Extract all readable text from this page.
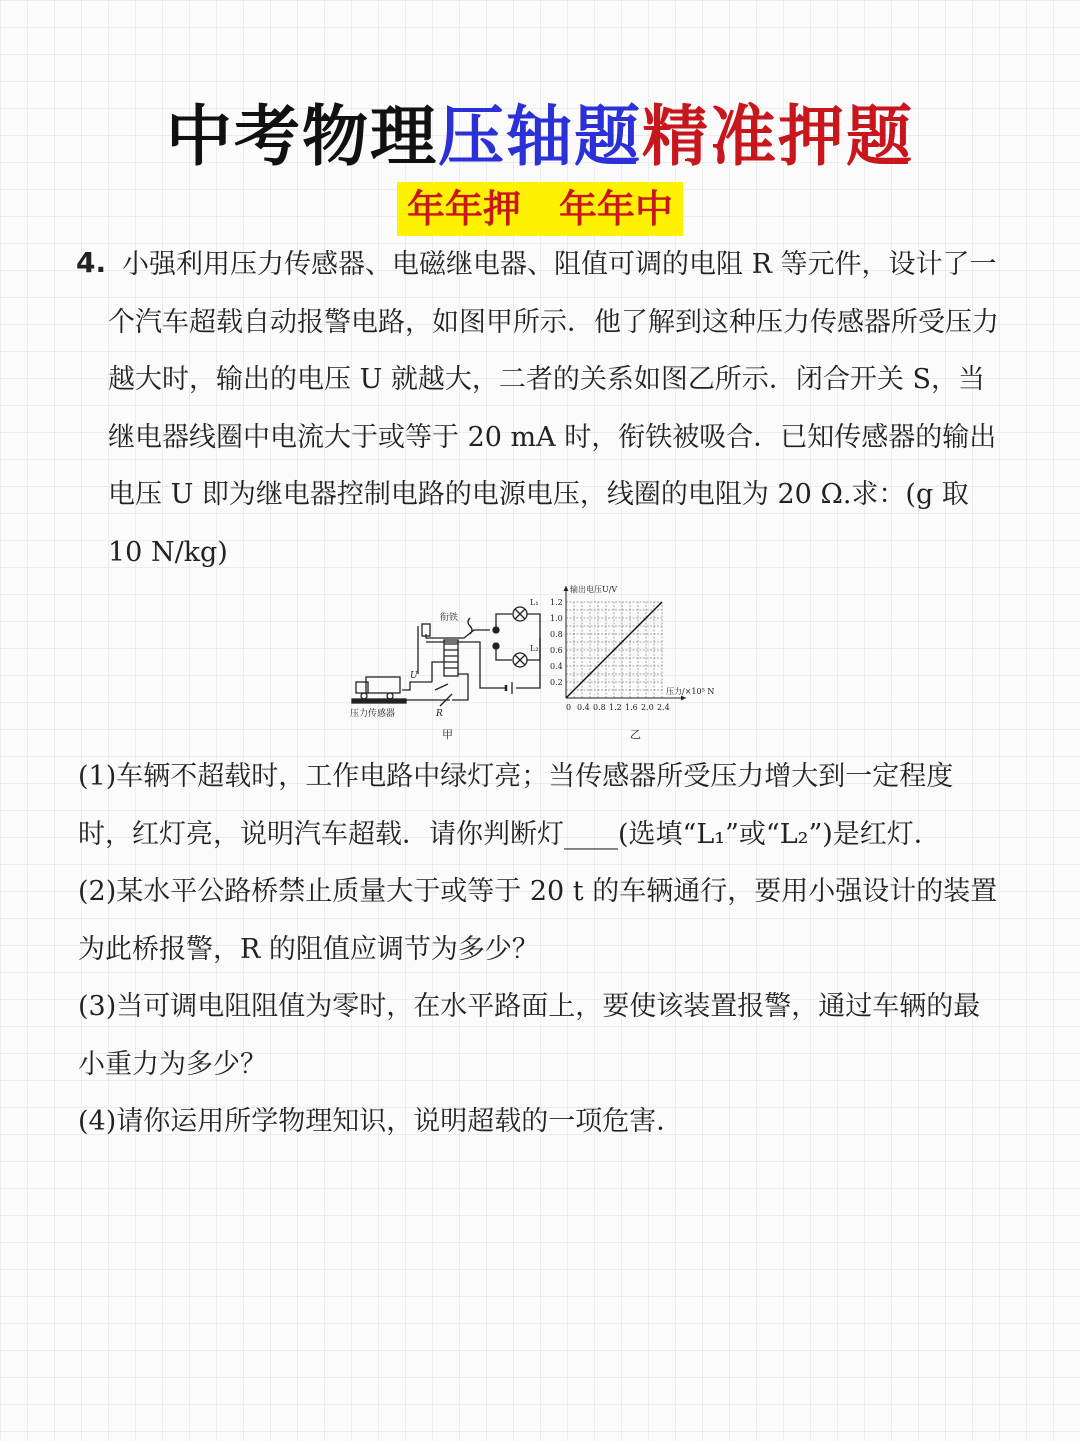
中考物理压轴题精准押题
年年押　年年中
4. 小强利用压力传感器、电磁继电器、阻值可调的电阻 R 等元件，设计了一个汽车超载自动报警电路，如图甲所示．他了解到这种压力传感器所受压力越大时，输出的电压 U 就越大，二者的关系如图乙所示．闭合开关 S，当继电器线圈中电流大于或等于 20 mA 时，衔铁被吸合．已知传感器的输出电压 U 即为继电器控制电路的电源电压，线圈的电阻为 20 Ω.求：(g 取 10 N/kg)
衔铁
L₁
L₂
U
R
压力传感器
甲
0 0.4 0.8 1.2 1.6 2.0 2.4
0.2
0.4
0.6
0.8
1.0
1.2
压力/×10⁵ N
输出电压U/V
乙
(1)车辆不超载时，工作电路中绿灯亮；当传感器所受压力增大到一定程度时，红灯亮，说明汽车超载．请你判断灯____(选填“L₁”或“L₂”)是红灯．
(2)某水平公路桥禁止质量大于或等于 20 t 的车辆通行，要用小强设计的装置为此桥报警，R 的阻值应调节为多少？
(3)当可调电阻阻值为零时，在水平路面上，要使该装置报警，通过车辆的最小重力为多少？
(4)请你运用所学物理知识，说明超载的一项危害．
